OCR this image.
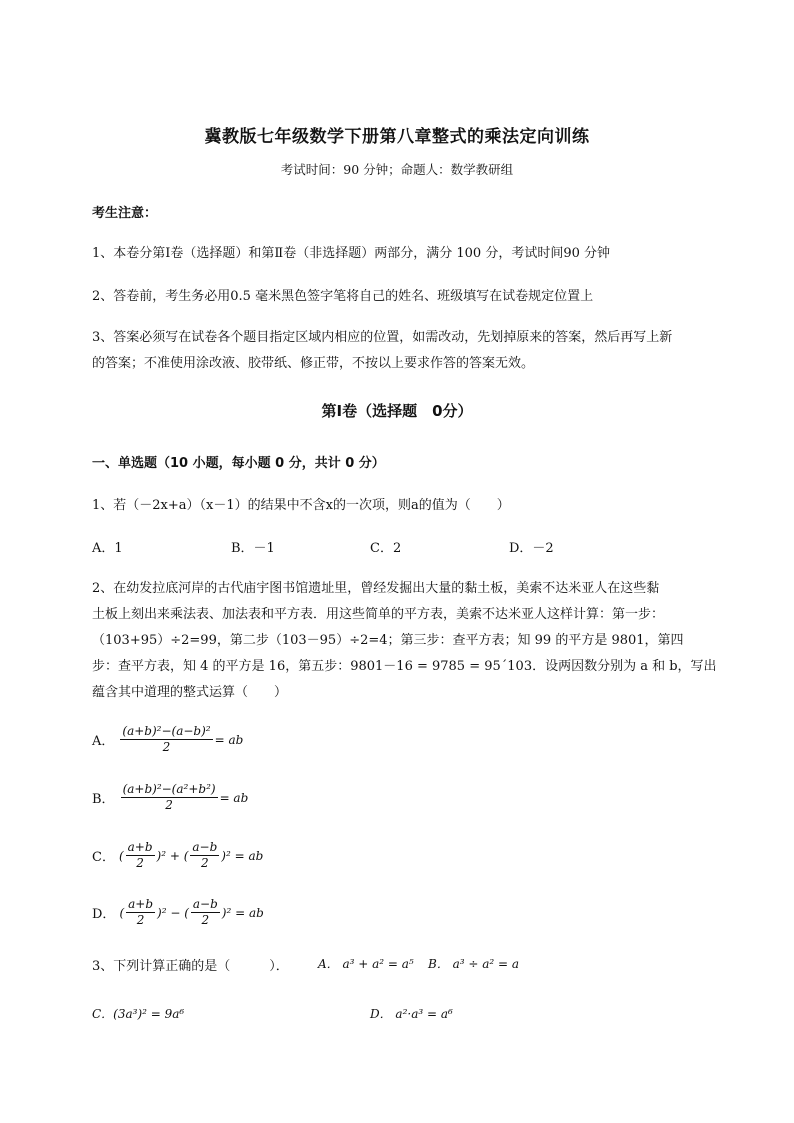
冀教版七年级数学下册第八章整式的乘法定向训练
考试时间：90 分钟；命题人：数学教研组
考生注意：
1、本卷分第Ⅰ卷（选择题）和第Ⅱ卷（非选择题）两部分，满分 100 分，考试时间90 分钟
2、答卷前，考生务必用0.5 毫米黑色签字笔将自己的姓名、班级填写在试卷规定位置上
3、答案必须写在试卷各个题目指定区域内相应的位置，如需改动，先划掉原来的答案，然后再写上新
的答案；不准使用涂改液、胶带纸、修正带，不按以上要求作答的答案无效。
第Ⅰ卷（选择题　0分）
一、单选题（10 小题，每小题 0 分，共计 0 分）
1、若（－2x+a）（x－1）的结果中不含x的一次项，则a的值为（　　）
A．1	B．－1	C．2	D．－2
2、在幼发拉底河岸的古代庙宇图书馆遗址里，曾经发掘出大量的黏土板，美索不达米亚人在这些黏
土板上刻出来乘法表、加法表和平方表．用这些简单的平方表，美索不达米亚人这样计算：第一步：
（103+95）÷2=99，第二步（103－95）÷2=4；第三步：查平方表；知 99 的平方是 9801，第四
步：查平方表，知 4 的平方是 16，第五步：9801－16 = 9785 = 95´103．设两因数分别为 a 和 b，写出
蕴含其中道理的整式运算（　　）
A． $\frac{\text{(a+b)²−(a−b)²}}{2}$ = ab
B． $\frac{\text{(a+b)²−(a²+b²)}}{2}$ = ab
C． ( $\frac{a+b}{2} )^2$ + ( $\frac{a-b}{2} )^2$ = ab
D． ( $\frac{a+b}{2} )^2$ − ( $\frac{a-b}{2} )^2$ = ab
3、下列计算正确的是（　　　）． A． a³ + a² = a⁵ B． a³ ÷ a² = a
C．(3a³)² = 9a⁶	D． a²·a³ = a⁶
